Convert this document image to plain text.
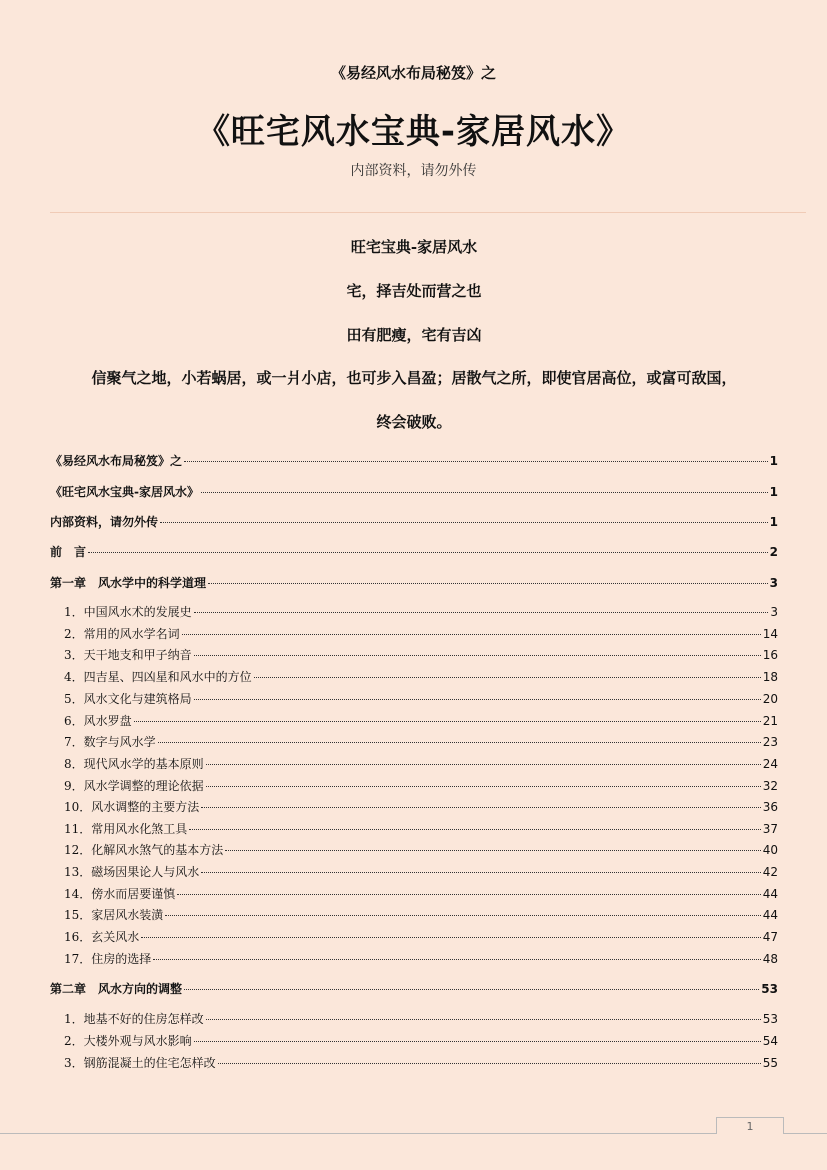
《易经风水布局秘笈》之
《旺宅风水宝典-家居风水》
内部资料，请勿外传
旺宅宝典-家居风水
宅，择吉处而营之也
田有肥瘦，宅有吉凶
信聚气之地，小若蜗居，或一爿小店，也可步入昌盈；居散气之所，即使官居高位，或富可敌国，
终会破败。
《易经风水布局秘笈》之	1
《旺宅风水宝典-家居风水》	1
内部资料，请勿外传	1
前　言	2
第一章　风水学中的科学道理	3
1．中国风水术的发展史	3
2．常用的风水学名词	14
3．天干地支和甲子纳音	16
4．四吉星、四凶星和风水中的方位	18
5．风水文化与建筑格局	20
6．风水罗盘	21
7．数字与风水学	23
8．现代风水学的基本原则	24
9．风水学调整的理论依据	32
10．风水调整的主要方法	36
11．常用风水化煞工具	37
12．化解风水煞气的基本方法	40
13．磁场因果论人与风水	42
14．傍水而居要谨慎	44
15．家居风水装潢	44
16．玄关风水	47
17．住房的选择	48
第二章　风水方向的调整	53
1．地基不好的住房怎样改	53
2．大楼外观与风水影响	54
3．钢筋混凝土的住宅怎样改	55
1
